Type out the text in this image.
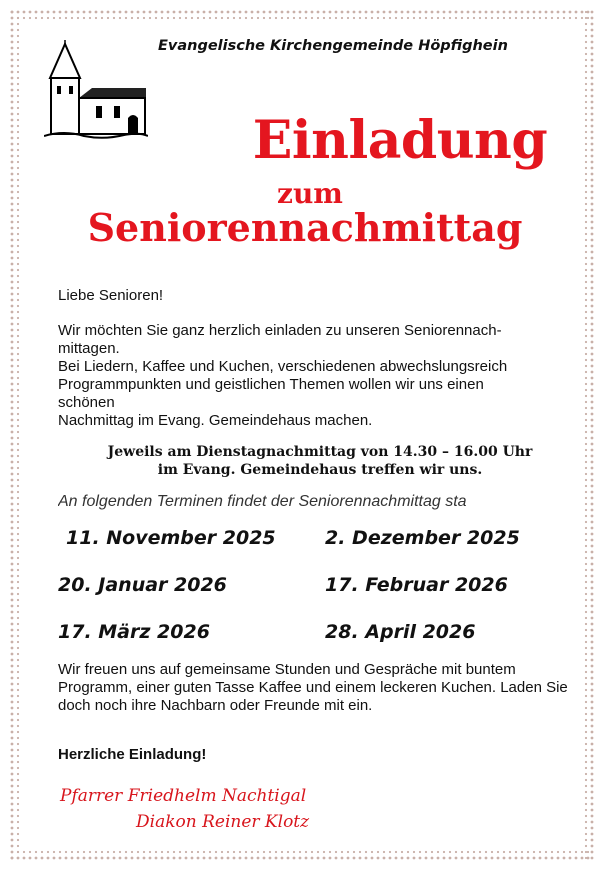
Evangelische Kirchengemeinde Höpfighein
Einladung
zum
Seniorennachmittag
Liebe Senioren!
Wir möchten Sie ganz herzlich einladen zu unseren Seniorennach-
mittagen.
Bei Liedern, Kaffee und Kuchen, verschiedenen abwechslungsreich
Programmpunkten und geistlichen Themen wollen wir uns einen
schönen
Nachmittag im Evang. Gemeindehaus machen.
Jeweils am Dienstagnachmittag von 14.30 – 16.00 Uhr
im Evang. Gemeindehaus treffen wir uns.
An folgenden Terminen findet der Seniorennachmittag sta
11. November 2025	2. Dezember 2025
20. Januar 2026	17. Februar 2026
17. März 2026	28. April 2026
Wir freuen uns auf gemeinsame Stunden und Gespräche mit buntem Programm, einer guten Tasse Kaffee und einem leckeren Kuchen. Laden Sie doch noch ihre Nachbarn oder Freunde mit ein.
Herzliche Einladung!
Pfarrer Friedhelm Nachtigal
Diakon Reiner Klotz
